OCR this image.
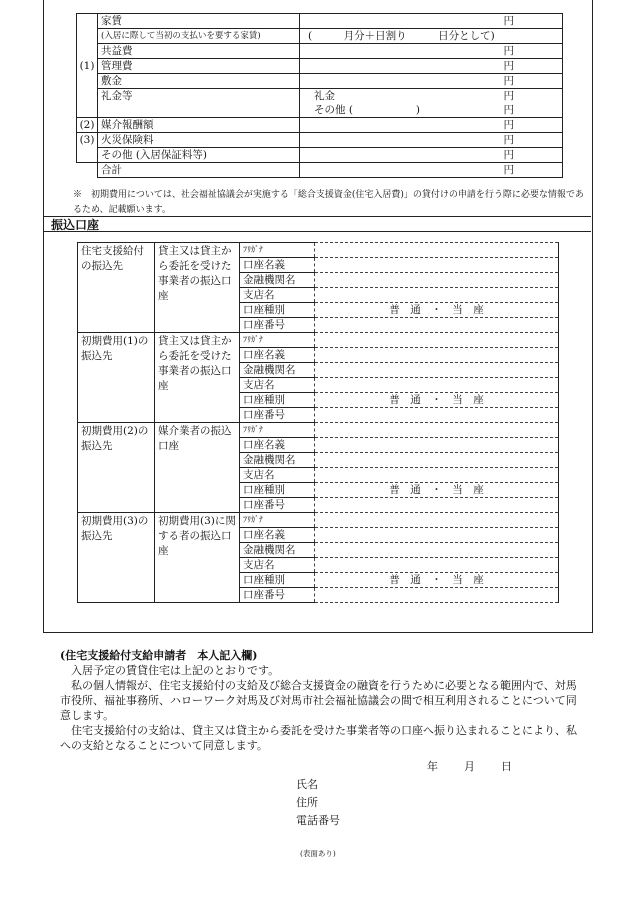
(1)	家賃	円	
	(入居に際して当初の支払いを要する家賃)	(　　　月分＋日割り　　　日分として)	
	共益費	円	
	管理費	円	
	敷金	円	
	礼金等	礼金	円
		その他 (　　　　　　)	円
(2)	媒介報酬額	円	
(3)	火災保険料	円	
	その他 (入居保証料等)	円	
	合計	円	
※　初期費用については、社会福祉協議会が実施する「総合支援資金(住宅入居費)」の貸付けの申請を行う際に必要な情報であるため、記載願います。
振込口座
住宅支援給付の振込先	貸主又は貸主から委託を受けた事業者の振込口座	ﾌﾘｶﾞﾅ	
		口座名義	
		金融機関名	
		支店名	
		口座種別	普　通　・　当　座
		口座番号	
初期費用(1)の振込先	貸主又は貸主から委託を受けた事業者の振込口座	ﾌﾘｶﾞﾅ	
		口座名義	
		金融機関名	
		支店名	
		口座種別	普　通　・　当　座
		口座番号	
初期費用(2)の振込先	媒介業者の振込口座	ﾌﾘｶﾞﾅ	
		口座名義	
		金融機関名	
		支店名	
		口座種別	普　通　・　当　座
		口座番号	
初期費用(3)の振込先	初期費用(3)に関する者の振込口座	ﾌﾘｶﾞﾅ	
		口座名義	
		金融機関名	
		支店名	
		口座種別	普　通　・　当　座
		口座番号	
(住宅支援給付支給申請者　本人記入欄)
　入居予定の賃貸住宅は上記のとおりです。
　私の個人情報が、住宅支援給付の支給及び総合支援資金の融資を行うために必要となる範囲内で、対馬市役所、福祉事務所、ハローワーク対馬及び対馬市社会福祉協議会の間で相互利用されることについて同意します。
　住宅支援給付の支給は、貸主又は貸主から委託を受けた事業者等の口座へ振り込まれることにより、私への支給となることについて同意します。
年 月 日
氏名
住所
電話番号
(表面あり)
